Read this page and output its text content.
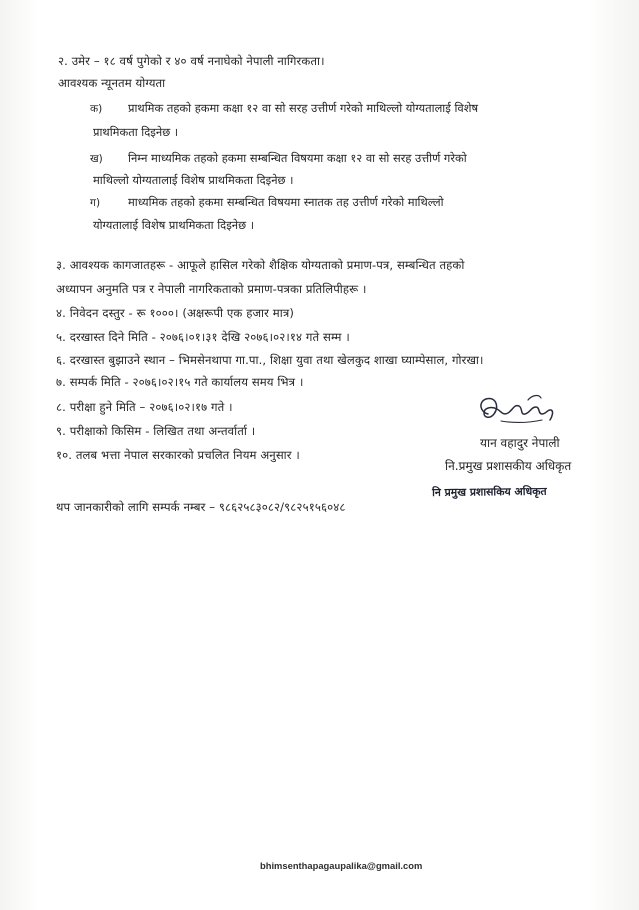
२. उमेर – १८ वर्ष पुगेको र ४० वर्ष ननाघेको नेपाली नागिरकता।
आवश्यक न्यूनतम योग्यता
क) प्राथमिक तहको हकमा कक्षा १२ वा सो सरह उत्तीर्ण गरेको माथिल्लो योग्यतालाई विशेष
प्राथमिकता दिइनेछ ।
ख) निम्न माध्यमिक तहको हकमा सम्बन्धित विषयमा कक्षा १२ वा सो सरह उत्तीर्ण गरेको
माथिल्लो योग्यतालाई विशेष प्राथमिकता दिइनेछ ।
ग) माध्यमिक तहको हकमा सम्बन्धित विषयमा स्नातक तह उत्तीर्ण गरेको माथिल्लो
योग्यतालाई विशेष प्राथमिकता दिइनेछ ।
३. आवश्यक कागजातहरू - आफूले हासिल गरेको शैक्षिक योग्यताको प्रमाण-पत्र, सम्बन्धित तहको
अध्यापन अनुमति पत्र र नेपाली नागरिकताको प्रमाण-पत्रका प्रतिलिपीहरू ।
४. निवेदन दस्तुर - रू १०००। (अक्षरूपी एक हजार मात्र)
५. दरखास्त दिने मिति - २०७६।०१।३१ देखि २०७६।०२।१४ गते सम्म ।
६. दरखास्त बुझाउने स्थान – भिमसेनथापा गा.पा., शिक्षा युवा तथा खेलकुद शाखा घ्याम्पेसाल, गोरखा।
७. सम्पर्क मिति - २०७६।०२।१५ गते कार्यालय समय भित्र ।
८. परीक्षा हुने मिति – २०७६।०२।१७ गते ।
९. परीक्षाको किसिम - लिखित तथा अन्तर्वार्ता ।
१०. तलब भत्ता नेपाल सरकारको प्रचलित नियम अनुसार ।
यान वहादुर नेपाली
नि.प्रमुख प्रशासकीय अधिकृत
नि प्रमुख प्रशासकिय अधिकृत
थप जानकारीको लागि सम्पर्क नम्बर – ९८६२५८३०८२/९८२५१५६०४८
bhimsenthapagaupalika@gmail.com
